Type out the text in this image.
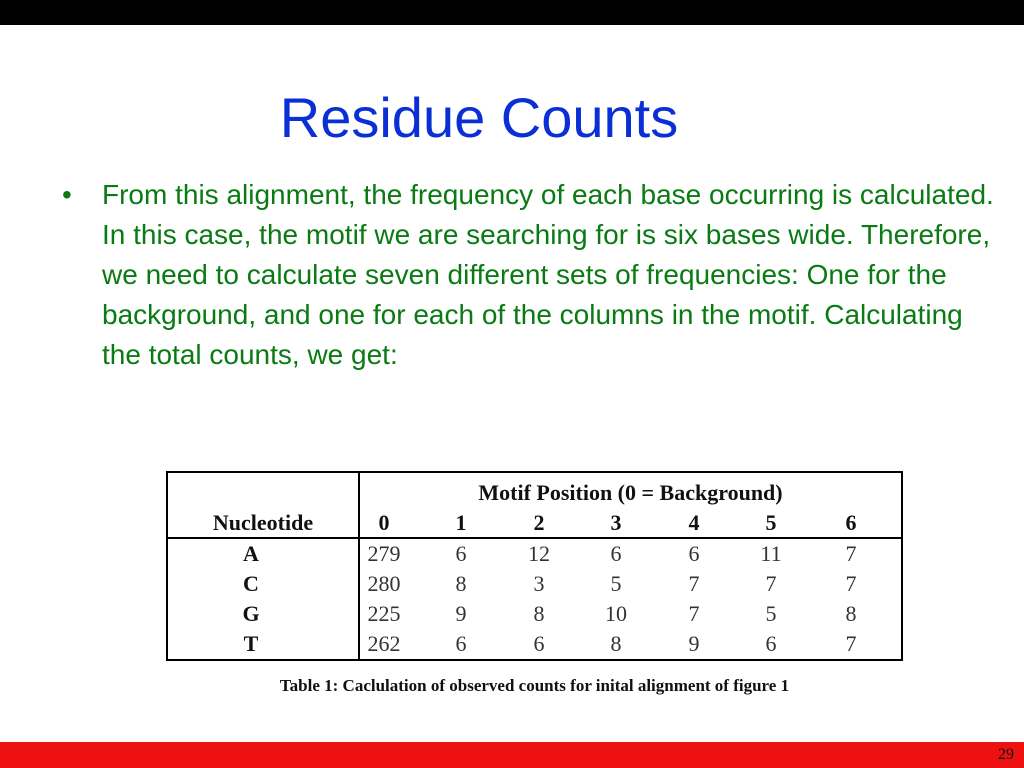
Residue Counts
• From this alignment, the frequency of each base occurring is calculated. In this case, the motif we are searching for is six bases wide. Therefore, we need to calculate seven different sets of frequencies: One for the background, and one for each of the columns in the motif. Calculating the total counts, we get:
Motif Position (0 = Background)
Nucleotide	0	1	2	3	4	5	6
A	279	6	12	6	6	11	7
C	280	8	3	5	7	7	7
G	225	9	8	10	7	5	8
T	262	6	6	8	9	6	7
Table 1: Caclulation of observed counts for inital alignment of figure 1
29
